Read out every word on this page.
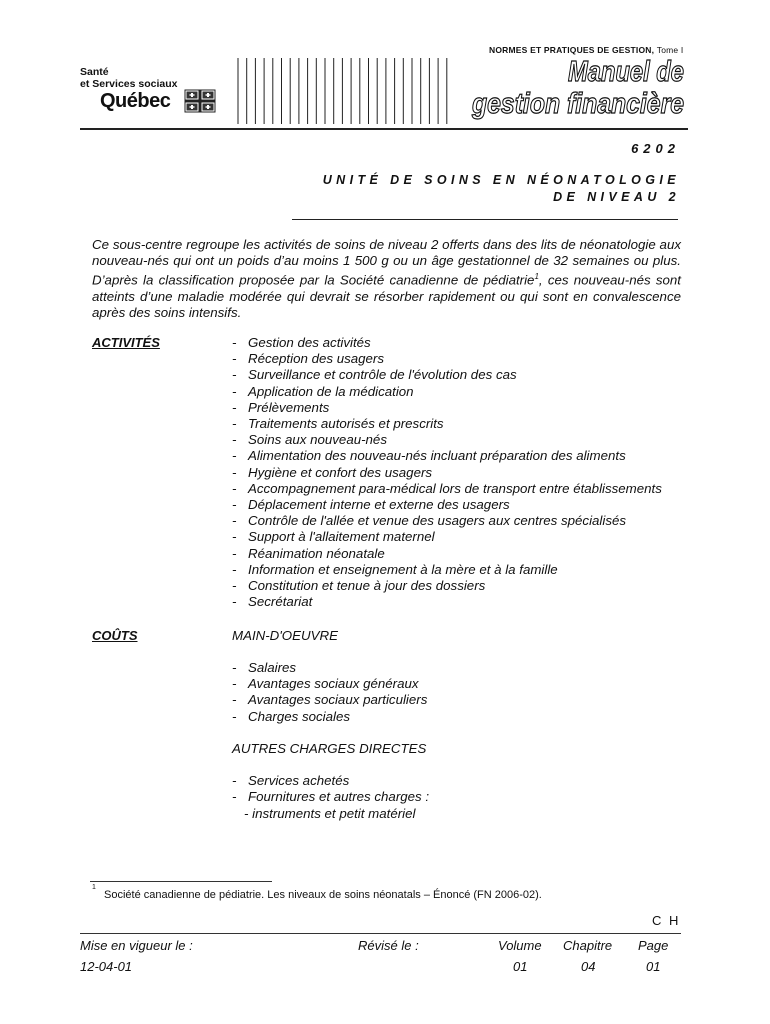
NORMES ET PRATIQUES DE GESTION, Tome I
Santé
et Services sociaux
Québec
Manuel de
gestion financière
6202
UNITÉ DE SOINS EN NÉONATOLOGIE
DE NIVEAU 2
Ce sous-centre regroupe les activités de soins de niveau 2 offerts dans des lits de néonatologie aux nouveau-nés qui ont un poids d’au moins 1 500 g ou un âge gestationnel de 32 semaines ou plus. D’après la classification proposée par la Société canadienne de pédiatrie$^1$, ces nouveau-nés sont atteints d’une maladie modérée qui devrait se résorber rapidement ou qui sont en convalescence après des soins intensifs.
ACTIVITÉS
-	Gestion des activités
- Réception des usagers
- Surveillance et contrôle de l'évolution des cas
- Application de la médication
- Prélèvements
- Traitements autorisés et prescrits
- Soins aux nouveau-nés
- Alimentation des nouveau-nés incluant préparation des aliments
- Hygiène et confort des usagers
- Accompagnement para-médical lors de transport entre établissements
- Déplacement interne et externe des usagers
- Contrôle de l'allée et venue des usagers aux centres spécialisés
- Support à l'allaitement maternel
- Réanimation néonatale
- Information et enseignement à la mère et à la famille
- Constitution et tenue à jour des dossiers
- Secrétariat
COÛTS	MAIN-D'OEUVRE
- Salaires
- Avantages sociaux généraux
- Avantages sociaux particuliers
- Charges sociales
AUTRES CHARGES DIRECTES
- Services achetés
- Fournitures et autres charges :
- instruments et petit matériel
1
Société canadienne de pédiatrie. Les niveaux de soins néonatals – Énoncé (FN 2006-02).
C H
Mise en vigueur le :
12-04-01
Révisé le :	Volume
01
Chapitre
04
Page
01
